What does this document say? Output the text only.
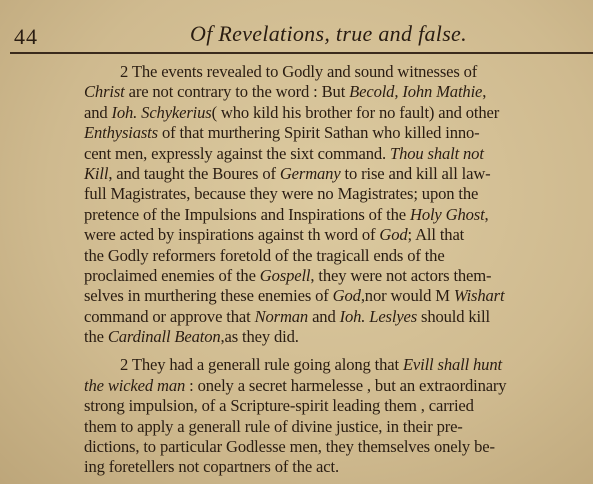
44	Of Revelations, true and false.
2 The events revealed to Godly and sound witnesses of
Christ are not contrary to the word : But Becold, Iohn Mathie,
and Ioh. Schykerius( who kild his brother for no fault) and other
Enthysiasts of that murthering Spirit Sathan who killed inno-
cent men, expressly against the sixt command. Thou shalt not
Kill, and taught the Boures of Germany to rise and kill all law-
full Magistrates, because they were no Magistrates; upon the
pretence of the Impulsions and Inspirations of the Holy Ghost,
were acted by inspirations against th word of God; All that
the Godly reformers foretold of the tragicall ends of the
proclaimed enemies of the Gospell, they were not actors them-
selves in murthering these enemies of God,nor would M Wishart
command or approve that Norman and Ioh. Leslyes should kill
the Cardinall Beaton,as they did.
2 They had a generall rule going along that Evill shall hunt
the wicked man : onely a secret harmelesse , but an extraordinary
strong impulsion, of a Scripture-spirit leading them , carried
them to apply a generall rule of divine justice, in their pre-
dictions, to particular Godlesse men, they themselves onely be-
ing foretellers not copartners of the act.
